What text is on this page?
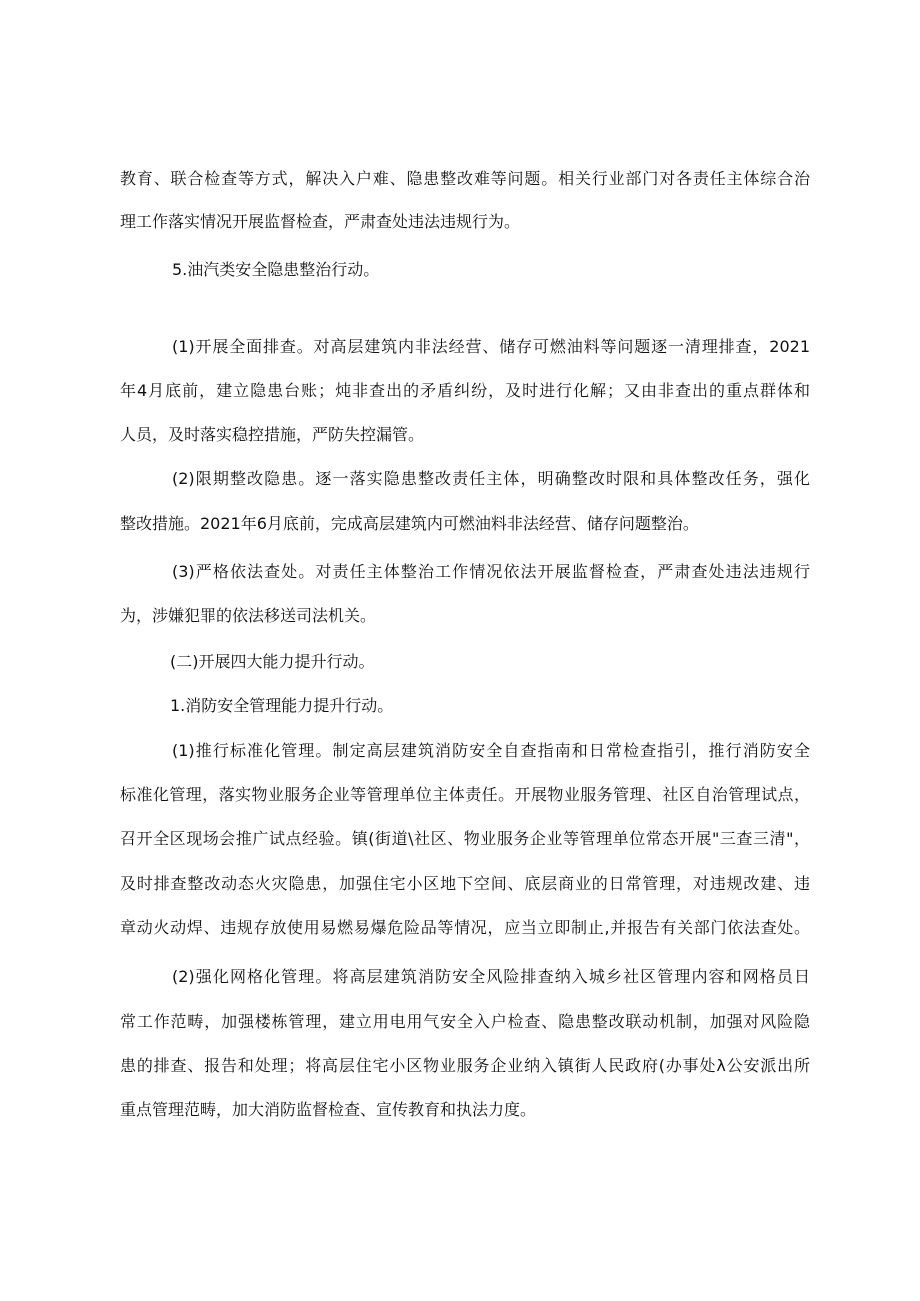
教育、联合检查等方式，解决入户难、隐患整改难等问题。相关行业部门对各责任主体综合治
理工作落实情况开展监督检查，严肃查处违法违规行为。
5.油汽类安全隐患整治行动。
(1)开展全面排查。对高层建筑内非法经营、储存可燃油料等问题逐一清理排查，2021
年4月底前，建立隐患台账；炖非查出的矛盾纠纷，及时进行化解；又由非查出的重点群体和
人员，及时落实稳控措施，严防失控漏管。
(2)限期整改隐患。逐一落实隐患整改责任主体，明确整改时限和具体整改任务，强化
整改措施。2021年6月底前，完成高层建筑内可燃油料非法经营、储存问题整治。
(3)严格依法查处。对责任主体整治工作情况依法开展监督检查，严肃查处违法违规行
为，涉嫌犯罪的依法移送司法机关。
(二)开展四大能力提升行动。
1.消防安全管理能力提升行动。
(1)推行标准化管理。制定高层建筑消防安全自查指南和日常检查指引，推行消防安全
标准化管理，落实物业服务企业等管理单位主体责任。开展物业服务管理、社区自治管理试点，
召开全区现场会推广试点经验。镇(街道\社区、物业服务企业等管理单位常态开展"三查三清"，
及时排查整改动态火灾隐患，加强住宅小区地下空间、底层商业的日常管理，对违规改建、违
章动火动焊、违规存放使用易燃易爆危险品等情况，应当立即制止,并报告有关部门依法查处。
(2)强化网格化管理。将高层建筑消防安全风险排查纳入城乡社区管理内容和网格员日
常工作范畴，加强楼栋管理，建立用电用气安全入户检查、隐患整改联动机制，加强对风险隐
患的排查、报告和处理；将高层住宅小区物业服务企业纳入镇街人民政府(办事处λ公安派出所
重点管理范畴，加大消防监督检查、宣传教育和执法力度。
